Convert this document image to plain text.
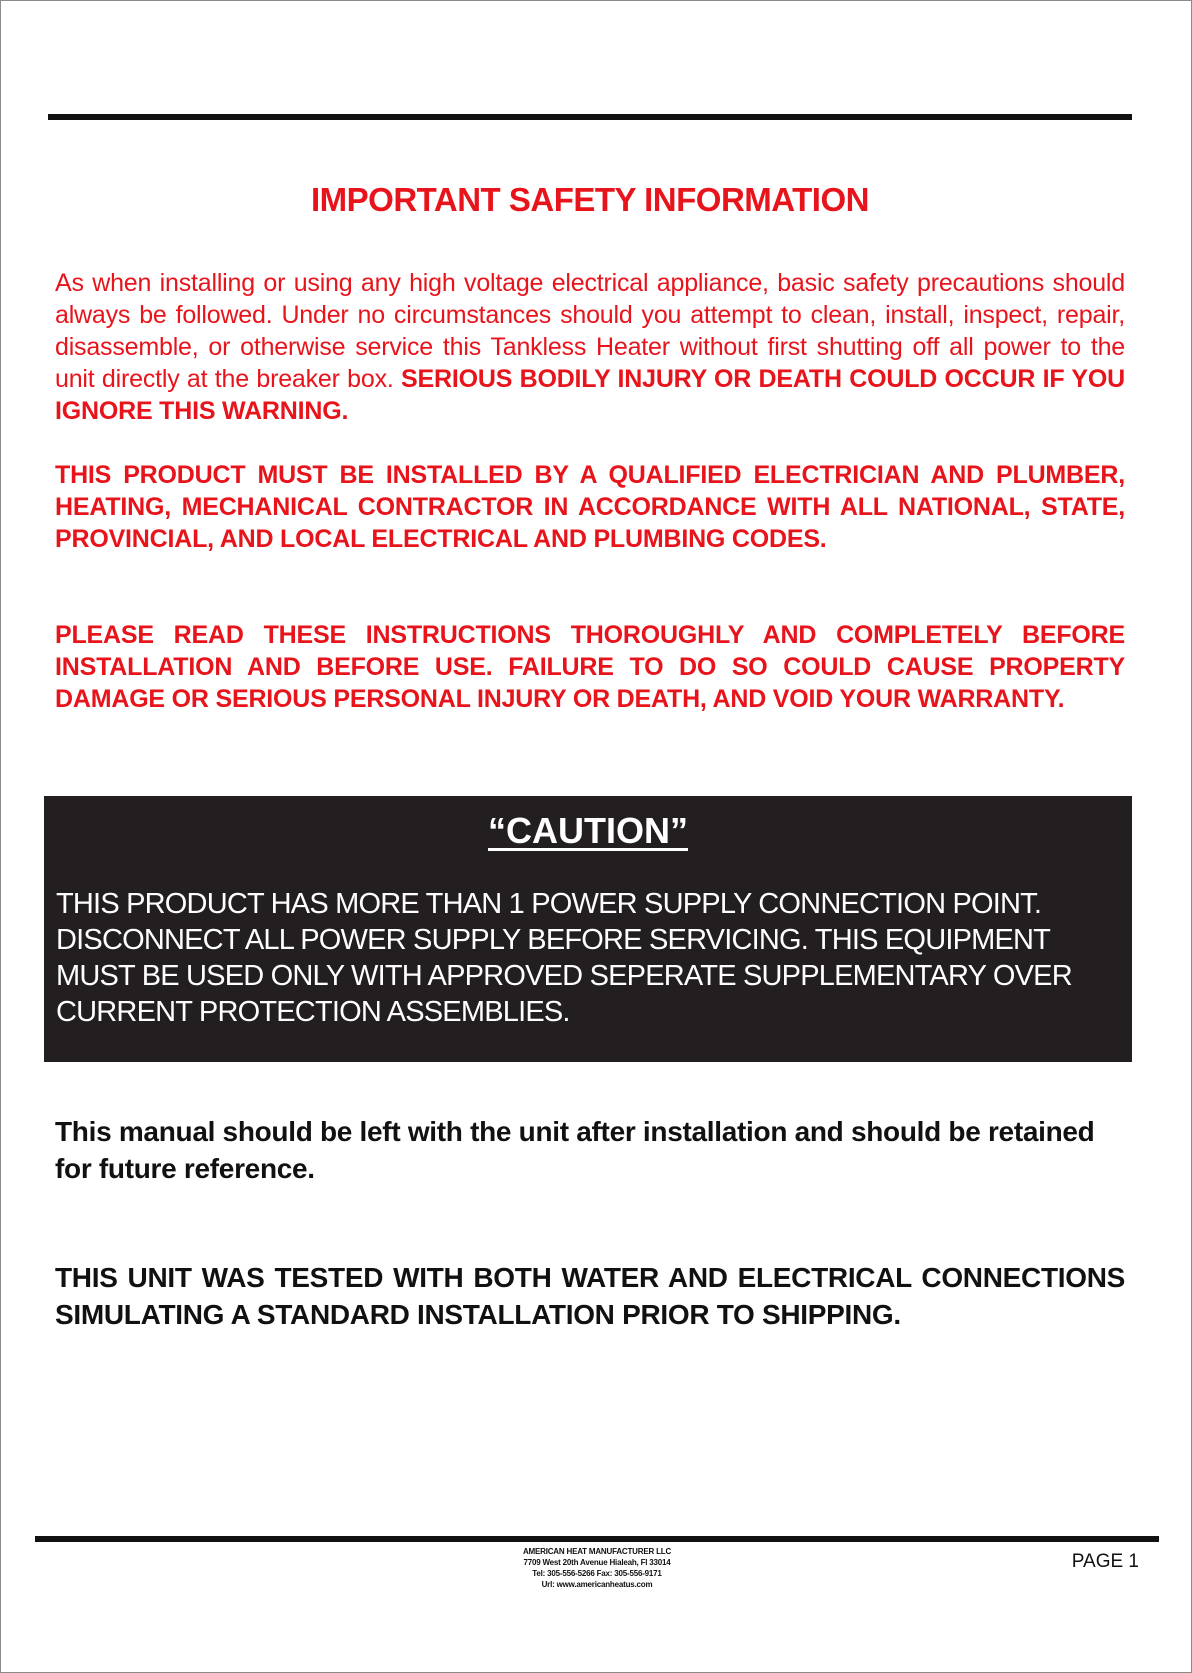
IMPORTANT SAFETY INFORMATION

As when installing or using any high voltage electrical appliance, basic safety precautions should always be followed. Under no circumstances should you attempt to clean, install, inspect, repair, disassemble, or otherwise service this Tankless Heater without first shutting off all power to the unit directly at the breaker box. SERIOUS BODILY INJURY OR DEATH COULD OCCUR IF YOU IGNORE THIS WARNING.

THIS PRODUCT MUST BE INSTALLED BY A QUALIFIED ELECTRICIAN AND PLUMBER, HEATING, MECHANICAL CONTRACTOR IN ACCORDANCE WITH ALL NATIONAL, STATE, PROVINCIAL, AND LOCAL ELECTRICAL AND PLUMBING CODES.

PLEASE READ THESE INSTRUCTIONS THOROUGHLY AND COMPLETELY BEFORE INSTALLATION AND BEFORE USE. FAILURE TO DO SO COULD CAUSE PROPERTY DAMAGE OR SERIOUS PERSONAL INJURY OR DEATH, AND VOID YOUR WARRANTY.

“CAUTION”

THIS PRODUCT HAS MORE THAN 1 POWER SUPPLY CONNECTION POINT. DISCONNECT ALL POWER SUPPLY BEFORE SERVICING. THIS EQUIPMENT MUST BE USED ONLY WITH APPROVED SEPERATE SUPPLEMENTARY OVER CURRENT PROTECTION ASSEMBLIES.

This manual should be left with the unit after installation and should be retained for future reference.

THIS UNIT WAS TESTED WITH BOTH WATER AND ELECTRICAL CONNECTIONS SIMULATING A STANDARD INSTALLATION PRIOR TO SHIPPING.

AMERICAN HEAT MANUFACTURER LLC
7709 West 20th Avenue Hialeah, Fl 33014
Tel: 305-556-5266 Fax: 305-556-9171
Url: www.americanheatus.com

PAGE 1
